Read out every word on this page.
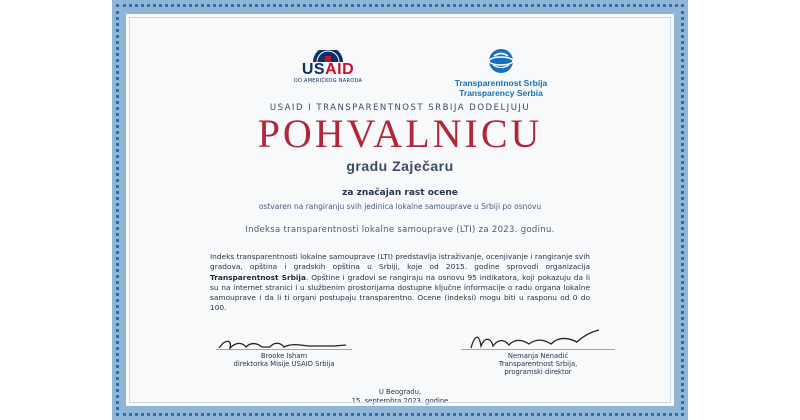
USAID
OD AMERIČKOG NARODA	Transparentnost Srbija
Transparency Serbia
USAID I TRANSPARENTNOST SRBIJA DODELJUJU
POHVALNICU
gradu Zaječaru
za značajan rast ocene
ostvaren na rangiranju svih jedinica lokalne samouprave u Srbiji po osnovu
Indeksa transparentnosti lokalne samouprave (LTI) za 2023. godinu.
Indeks transparentnosti lokalne samouprave (LTI) predstavlja istraživanje, ocenjivanje i rangiranje svih gradova, opština i gradskih opština u Srbiji, koje od 2015. godine sprovodi organizacija Transparentnost Srbija. Opštine i gradovi se rangiraju na osnovu 95 indikatora, koji pokazuju da li su na internet stranici i u službenim prostorijama dostupne ključne informacije o radu organa lokalne samouprave i da li ti organi postupaju transparentno. Ocene (indeksi) mogu biti u rasponu od 0 do 100.
Brooke Isham
direktorka Misije USAID Srbija
Nemanja Nenadić
Transparentnost Srbija,
programski direktor
U Beogradu,
15. septembra 2023. godine
